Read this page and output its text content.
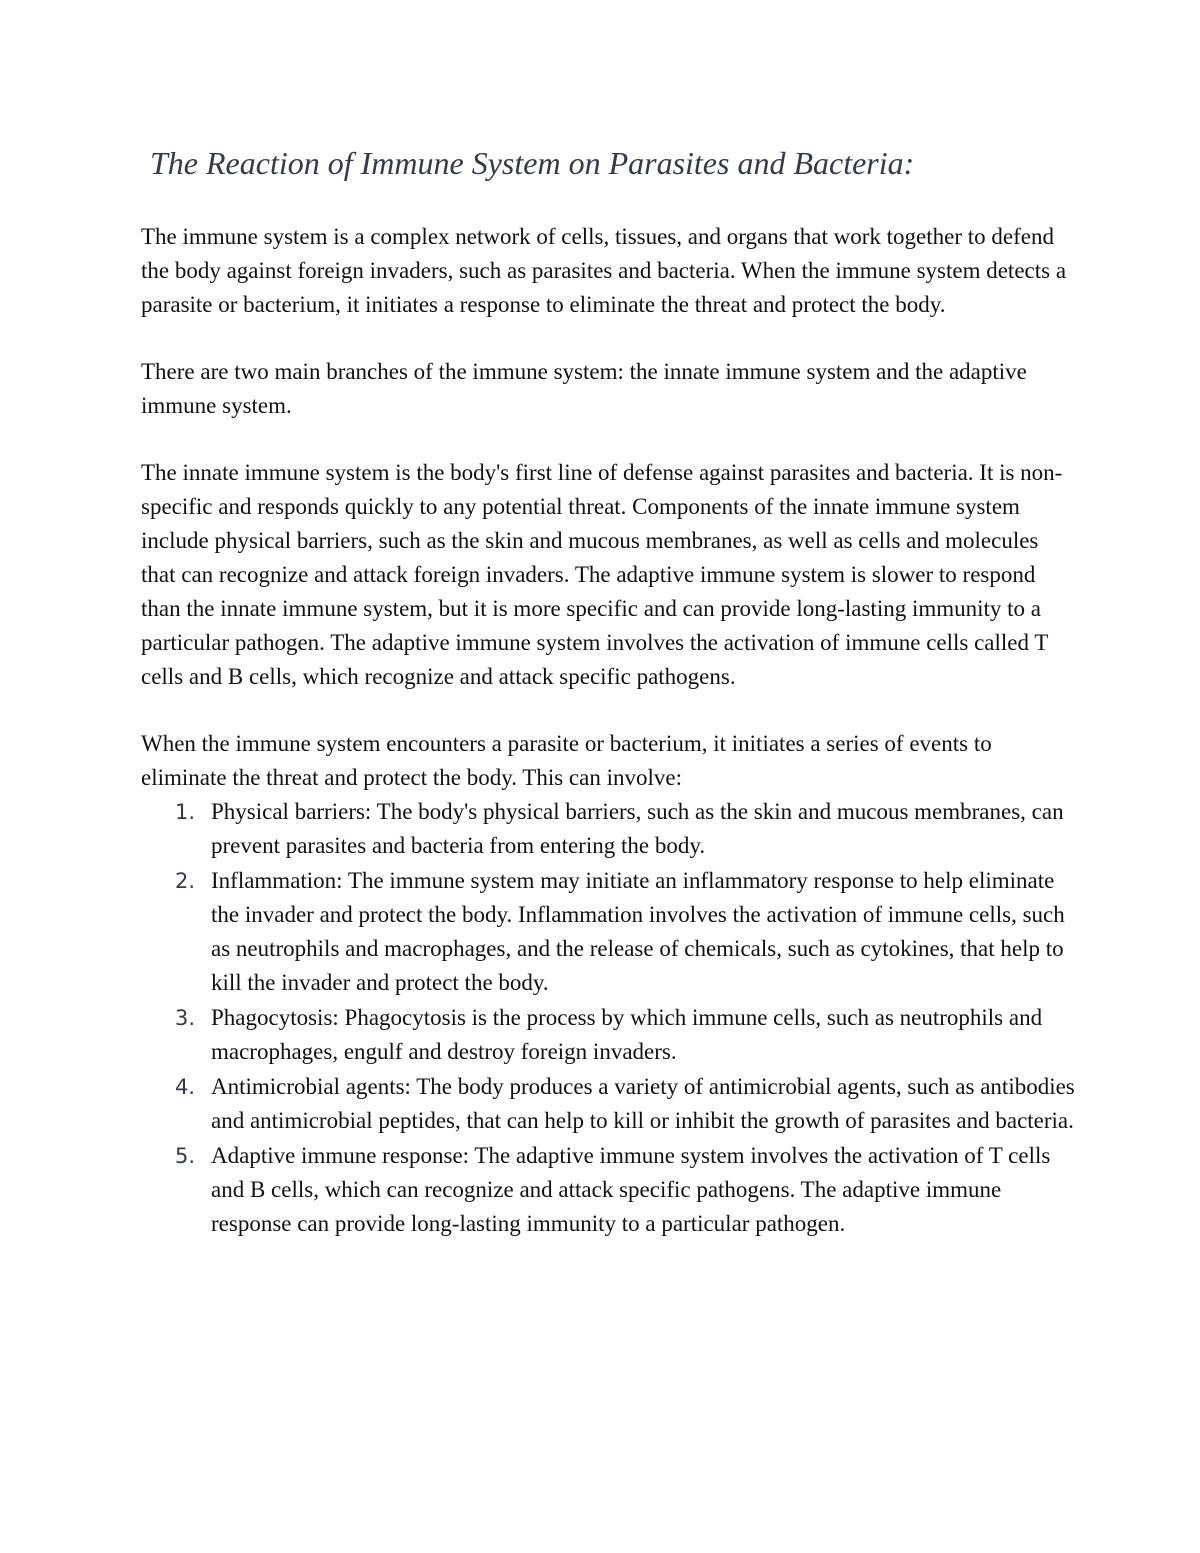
The Reaction of Immune System on Parasites and Bacteria:

The immune system is a complex network of cells, tissues, and organs that work together to defend the body against foreign invaders, such as parasites and bacteria. When the immune system detects a parasite or bacterium, it initiates a response to eliminate the threat and protect the body.

There are two main branches of the immune system: the innate immune system and the adaptive immune system.

The innate immune system is the body's first line of defense against parasites and bacteria. It is non-specific and responds quickly to any potential threat. Components of the innate immune system include physical barriers, such as the skin and mucous membranes, as well as cells and molecules that can recognize and attack foreign invaders. The adaptive immune system is slower to respond than the innate immune system, but it is more specific and can provide long-lasting immunity to a particular pathogen. The adaptive immune system involves the activation of immune cells called T cells and B cells, which recognize and attack specific pathogens.

When the immune system encounters a parasite or bacterium, it initiates a series of events to eliminate the threat and protect the body. This can involve:

1. Physical barriers: The body's physical barriers, such as the skin and mucous membranes, can prevent parasites and bacteria from entering the body.
2. Inflammation: The immune system may initiate an inflammatory response to help eliminate the invader and protect the body. Inflammation involves the activation of immune cells, such as neutrophils and macrophages, and the release of chemicals, such as cytokines, that help to kill the invader and protect the body.
3. Phagocytosis: Phagocytosis is the process by which immune cells, such as neutrophils and macrophages, engulf and destroy foreign invaders.
4. Antimicrobial agents: The body produces a variety of antimicrobial agents, such as antibodies and antimicrobial peptides, that can help to kill or inhibit the growth of parasites and bacteria.
5. Adaptive immune response: The adaptive immune system involves the activation of T cells and B cells, which can recognize and attack specific pathogens. The adaptive immune response can provide long-lasting immunity to a particular pathogen.
